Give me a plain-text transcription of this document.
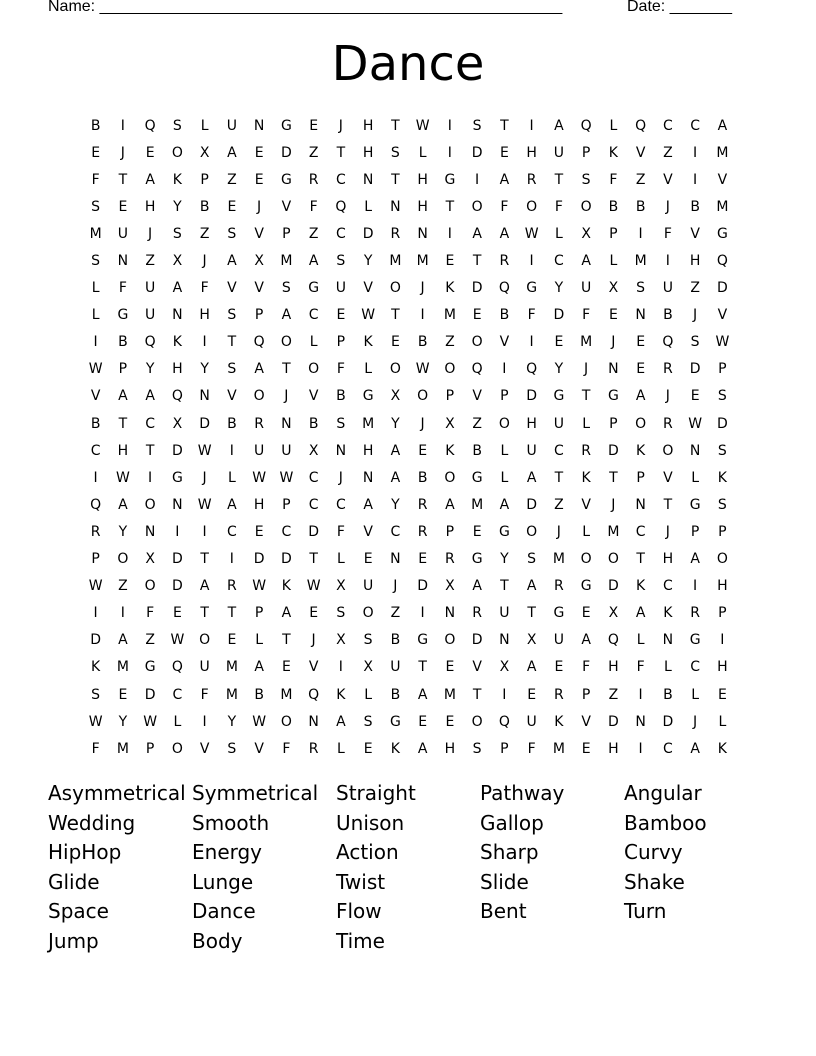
Name: ____________________________________________________	Date: _______
Dance
B	I	Q	S	L	U	N	G	E	J	H	T	W	I	S	T	I	A	Q	L	Q	C	C	A
E	J	E	O	X	A	E	D	Z	T	H	S	L	I	D	E	H	U	P	K	V	Z	I	M
F	T	A	K	P	Z	E	G	R	C	N	T	H	G	I	A	R	T	S	F	Z	V	I	V
S	E	H	Y	B	E	J	V	F	Q	L	N	H	T	O	F	O	F	O	B	B	J	B	M
M	U	J	S	Z	S	V	P	Z	C	D	R	N	I	A	A	W	L	X	P	I	F	V	G
S	N	Z	X	J	A	X	M	A	S	Y	M	M	E	T	R	I	C	A	L	M	I	H	Q
L	F	U	A	F	V	V	S	G	U	V	O	J	K	D	Q	G	Y	U	X	S	U	Z	D
L	G	U	N	H	S	P	A	C	E	W	T	I	M	E	B	F	D	F	E	N	B	J	V
I	B	Q	K	I	T	Q	O	L	P	K	E	B	Z	O	V	I	E	M	J	E	Q	S	W
W	P	Y	H	Y	S	A	T	O	F	L	O	W	O	Q	I	Q	Y	J	N	E	R	D	P
V	A	A	Q	N	V	O	J	V	B	G	X	O	P	V	P	D	G	T	G	A	J	E	S
B	T	C	X	D	B	R	N	B	S	M	Y	J	X	Z	O	H	U	L	P	O	R	W	D
C	H	T	D	W	I	U	U	X	N	H	A	E	K	B	L	U	C	R	D	K	O	N	S
I	W	I	G	J	L	W W	C	J	N	A	B	O	G	L	A	T	K	T	P	V	L	K
Q	A	O	N	W	A	H	P	C	C	A	Y	R	A	M	A	D	Z	V	J	N	T	G	S
R	Y	N	I	I	C	E	C	D	F	V	C	R	P	E	G	O	J	L	M	C	J	P	P
P	O	X	D	T	I	D	D	T	L	E	N	E	R	G	Y	S	M	O	O	T	H	A	O
W	Z	O	D	A	R	W	K	W	X	U	J	D	X	A	T	A	R	G	D	K	C	I	H
I	I	F	E	T	T	P	A	E	S	O	Z	I	N	R	U	T	G	E	X	A	K	R	P
D	A	Z	W	O	E	L	T	J	X	S	B	G	O	D	N	X	U	A	Q	L	N	G	I
K	M	G	Q	U	M	A	E	V	I	X	U	T	E	V	X	A	E	F	H	F	L	C	H
S	E	D	C	F	M	B	M	Q	K	L	B	A	M	T	I	E	R	P	Z	I	B	L	E
W	Y	W	L	I	Y	W	O	N	A	S	G	E	E	O	Q	U	K	V	D	N	D	J	L
F	M	P	O	V	S	V	F	R	L	E	K	A	H	S	P	F	M	E	H	I	C	A	K
Asymmetrical Symmetrical Straight	Pathway	Angular
Wedding	Smooth	Unison	Gallop	Bamboo
HipHop	Energy	Action	Sharp	Curvy
Glide	Lunge	Twist	Slide	Shake
Space	Dance	Flow	Bent	Turn
Jump	Body	Time
